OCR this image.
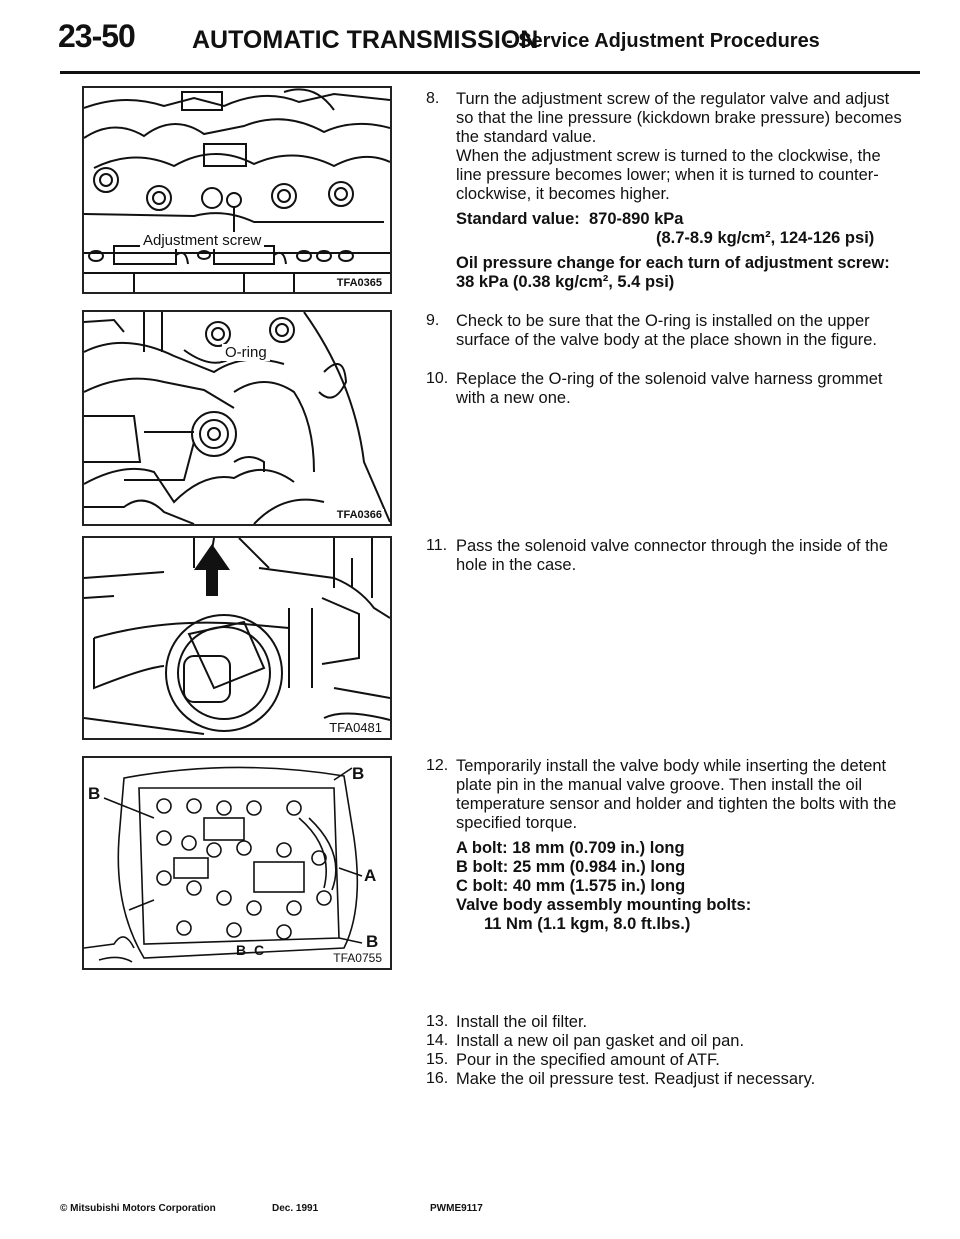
23-50 AUTOMATIC TRANSMISSION
- Service Adjustment Procedures
Adjustment screw
TFA0365
O-ring
TFA0366
TFA0481
B
B
A
B
B C	TFA0755
8. Turn the adjustment screw of the regulator valve and adjust so that the line pressure (kickdown brake pressure) becomes the standard value.

When the adjustment screw is turned to the clockwise, the line pressure becomes lower; when it is turned to counter-clockwise, it becomes higher.

Standard value: 870-890 kPa
(8.7-8.9 kg/cm², 124-126 psi)
Oil pressure change for each turn of adjustment screw: 38 kPa (0.38 kg/cm², 5.4 psi)
9. Check to be sure that the O-ring is installed on the upper surface of the valve body at the place shown in the figure.

10. Replace the O-ring of the solenoid valve harness grommet with a new one.

11. Pass the solenoid valve connector through the inside of the hole in the case.

12. Temporarily install the valve body while inserting the detent plate pin in the manual valve groove. Then install the oil temperature sensor and holder and tighten the bolts with the specified torque.

A bolt: 18 mm (0.709 in.) long
B bolt: 25 mm (0.984 in.) long
C bolt: 40 mm (1.575 in.) long
Valve body assembly mounting bolts:
11 Nm (1.1 kgm, 8.0 ft.lbs.)
13. Install the oil filter.

14. Install a new oil pan gasket and oil pan.

15. Pour in the specified amount of ATF.

16. Make the oil pressure test. Readjust if necessary.

© Mitsubishi Motors Corporation	Dec. 1991	PWME9117
